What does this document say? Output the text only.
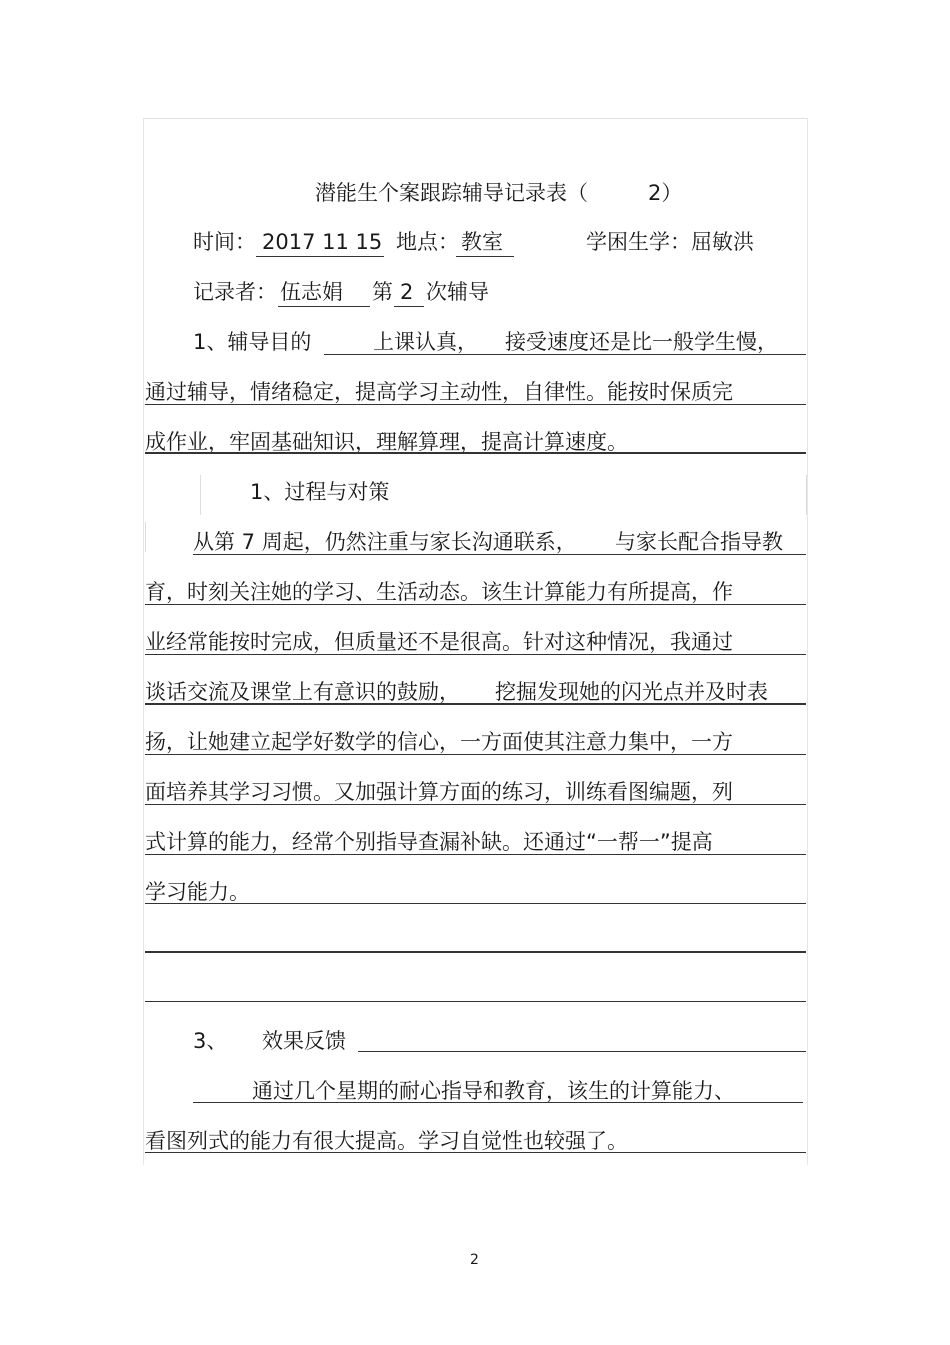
潜能生个案跟踪辅导记录表（	2）
时间： 2017 11 15 地点： 教室	学困生学：屈敏洪
记录者： 伍志娟 第 2 次辅导
1、辅导目的	上课认真， 接受速度还是比一般学生慢，
通过辅导，情绪稳定，提高学习主动性，自律性。能按时保质完
成作业，牢固基础知识，理解算理，提高计算速度。
1、过程与对策
从第 7 周起，仍然注重与家长沟通联系， 与家长配合指导教
育，时刻关注她的学习、生活动态。该生计算能力有所提高，作
业经常能按时完成，但质量还不是很高。针对这种情况，我通过
谈话交流及课堂上有意识的鼓励， 挖掘发现她的闪光点并及时表
扬，让她建立起学好数学的信心，一方面使其注意力集中，一方
面培养其学习习惯。又加强计算方面的练习，训练看图编题，列
式计算的能力，经常个别指导查漏补缺。还通过“一帮一”提高
学习能力。
3、 效果反馈
通过几个星期的耐心指导和教育，该生的计算能力、
看图列式的能力有很大提高。学习自觉性也较强了。
2
